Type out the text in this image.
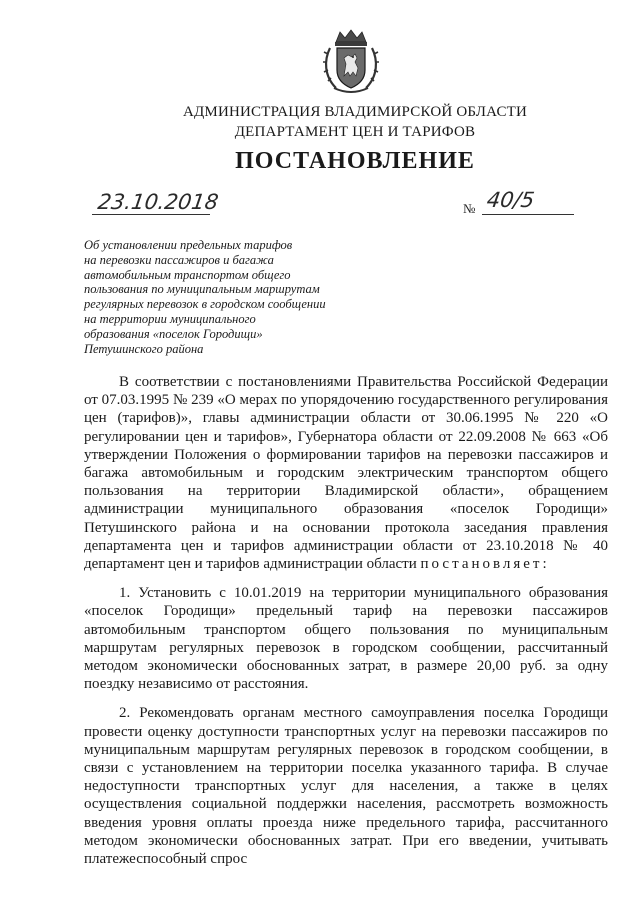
АДМИНИСТРАЦИЯ ВЛАДИМИРСКОЙ ОБЛАСТИ
ДЕПАРТАМЕНТ ЦЕН И ТАРИФОВ
ПОСТАНОВЛЕНИЕ
23.10.2018	№ 40/5
Об установлении предельных тарифов
на перевозки пассажиров и багажа
автомобильным транспортом общего
пользования по муниципальным маршрутам
регулярных перевозок в городском сообщении
на территории муниципального
образования «поселок Городищи»
Петушинского района

В соответствии с постановлениями Правительства Российской Федерации от 07.03.1995 № 239 «О мерах по упорядочению государственного регулирования цен (тарифов)», главы администрации области от 30.06.1995 № 220 «О регулировании цен и тарифов», Губернатора области от 22.09.2008 № 663 «Об утверждении Положения о формировании тарифов на перевозки пассажиров и багажа автомобильным и городским электрическим транспортом общего пользования на территории Владимирской области», обращением администрации муниципального образования «поселок Городищи» Петушинского района и на основании протокола заседания правления департамента цен и тарифов администрации области от 23.10.2018 № 40 департамент цен и тарифов администрации области постановляет:

1. Установить с 10.01.2019 на территории муниципального образования «поселок Городищи» предельный тариф на перевозки пассажиров автомобильным транспортом общего пользования по муниципальным маршрутам регулярных перевозок в городском сообщении, рассчитанный методом экономически обоснованных затрат, в размере 20,00 руб. за одну поездку независимо от расстояния.

2. Рекомендовать органам местного самоуправления поселка Городищи провести оценку доступности транспортных услуг на перевозки пассажиров по муниципальным маршрутам регулярных перевозок в городском сообщении, в связи с установлением на территории поселка указанного тарифа. В случае недоступности транспортных услуг для населения, а также в целях осуществления социальной поддержки населения, рассмотреть возможность введения уровня оплаты проезда ниже предельного тарифа, рассчитанного методом экономически обоснованных затрат. При его введении, учитывать платежеспособный спрос
